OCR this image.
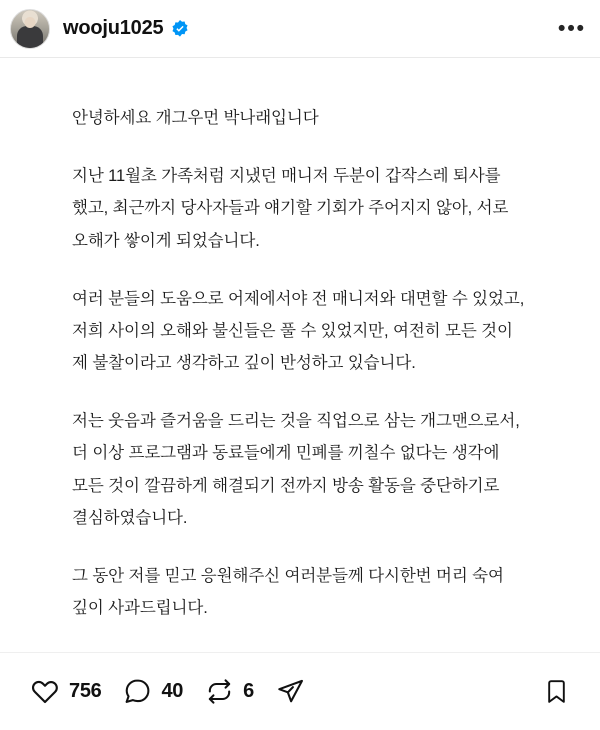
wooju1025	•••

안녕하세요 개그우먼 박나래입니다

지난 11월초 가족처럼 지냈던 매니저 두분이 갑작스레 퇴사를 했고, 최근까지 당사자들과 얘기할 기회가 주어지지 않아, 서로 오해가 쌓이게 되었습니다.

여러 분들의 도움으로 어제에서야 전 매니저와 대면할 수 있었고, 저희 사이의 오해와 불신들은 풀 수 있었지만, 여전히 모든 것이 제 불찰이라고 생각하고 깊이 반성하고 있습니다.

저는 웃음과 즐거움을 드리는 것을 직업으로 삼는 개그맨으로서, 더 이상 프로그램과 동료들에게 민폐를 끼칠수 없다는 생각에 모든 것이 깔끔하게 해결되기 전까지 방송 활동을 중단하기로 결심하였습니다.

그 동안 저를 믿고 응원해주신 여러분들께 다시한번 머리 숙여 깊이 사과드립니다.

756	40	6
